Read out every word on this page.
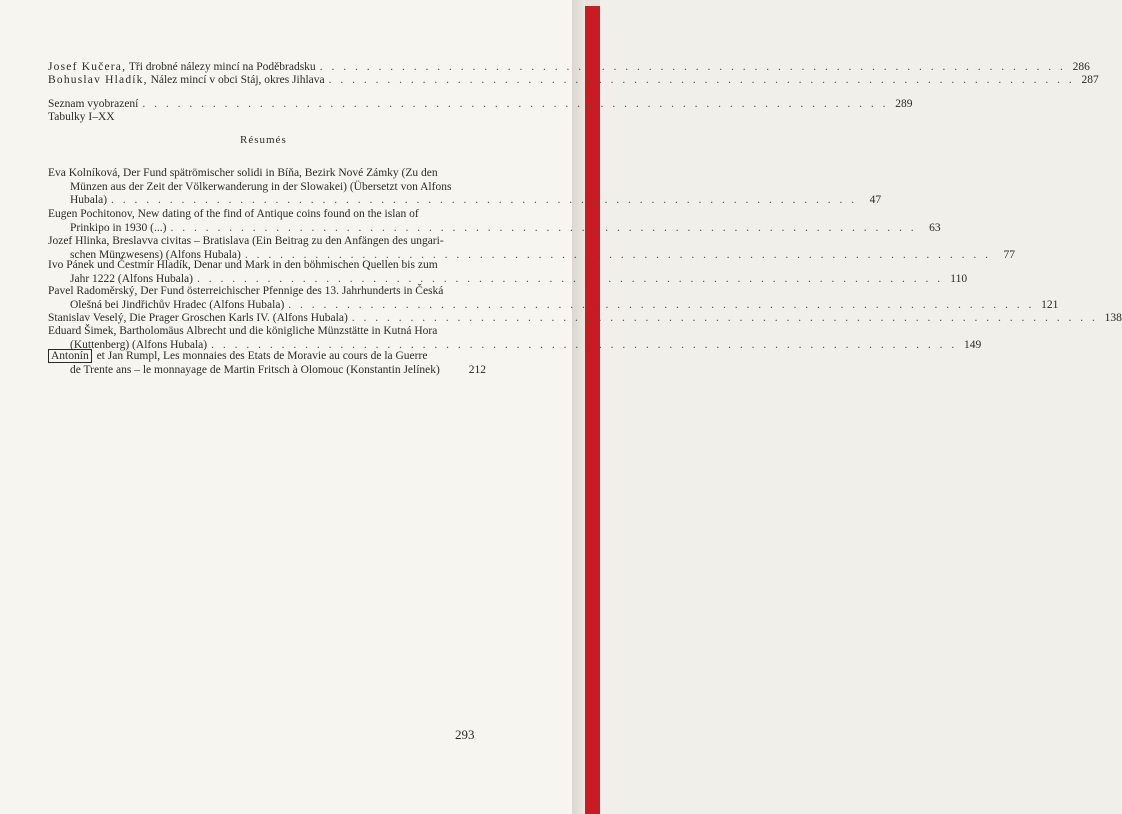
Josef Kučera, Tři drobné nálezy mincí na Poděbradsku . . . . . . . . . . . . . . . . . . . . . . . . . . . . . . . . . . . . . . . . . . . . . . . . . . . . . . . . . . . . . . . . 286
Bohuslav Hladík, Nález mincí v obci Stáj, okres Jihlava . . . . . . . . . . . . . . . . . . . . . . . . . . . . . . . . . . . . . . . . . . . . . . . . . . . . . . . . . . . . . . . . 287
Seznam vyobrazení . . . . . . . . . . . . . . . . . . . . . . . . . . . . . . . . . . . . . . . . . . . . . . . . . . . . . . . . . . . . . . . . 289
Tabulky I–XX
Résumés
Eva Kolníková, Der Fund spätrömischer solidi in Bíňa, Bezirk Nové Zámky (Zu den
Münzen aus der Zeit der Völkerwanderung in der Slowakei) (Übersetzt von Alfons
Hubala) . . . . . . . . . . . . . . . . . . . . . . . . . . . . . . . . . . . . . . . . . . . . . . . . . . . . . . . . . . . . . . . .	47
Eugen Pochitonov, New dating of the find of Antique coins found on the islan of
Prinkipo in 1930 (...) . . . . . . . . . . . . . . . . . . . . . . . . . . . . . . . . . . . . . . . . . . . . . . . . . . . . . . . . . . . . . . . .	63
Jozef Hlinka, Breslavva civitas – Bratislava (Ein Beitrag zu den Anfängen des ungari-
schen Münzwesens) (Alfons Hubala) . . . . . . . . . . . . . . . . . . . . . . . . . . . . . . . . . . . . . . . . . . . . . . . . . . . . . . . . . . . . . . . .	77
Ivo Pánek und Čestmír Hladík, Denar und Mark in den böhmischen Quellen bis zum
Jahr 1222 (Alfons Hubala) . . . . . . . . . . . . . . . . . . . . . . . . . . . . . . . . . . . . . . . . . . . . . . . . . . . . . . . . . . . . . . . . 110
Pavel Radoměrský, Der Fund österreichischer Pfennige des 13. Jahrhunderts in Česká
Olešná bei Jindřichův Hradec (Alfons Hubala) . . . . . . . . . . . . . . . . . . . . . . . . . . . . . . . . . . . . . . . . . . . . . . . . . . . . . . . . . . . . . . . . 121
Stanislav Veselý, Die Prager Groschen Karls IV. (Alfons Hubala) . . . . . . . . . . . . . . . . . . . . . . . . . . . . . . . . . . . . . . . . . . . . . . . . . . . . . . . . . . . . . . . . 138
Eduard Šimek, Bartholomäus Albrecht und die königliche Münzstätte in Kutná Hora
(Kuttenberg) (Alfons Hubala) . . . . . . . . . . . . . . . . . . . . . . . . . . . . . . . . . . . . . . . . . . . . . . . . . . . . . . . . . . . . . . . . 149
Antonín et Jan Rumpl, Les monnaies des Etats de Moravie au cours de la Guerre
de Trente ans – le monnayage de Martin Fritsch à Olomouc (Konstantin Jelínek)	212
293
